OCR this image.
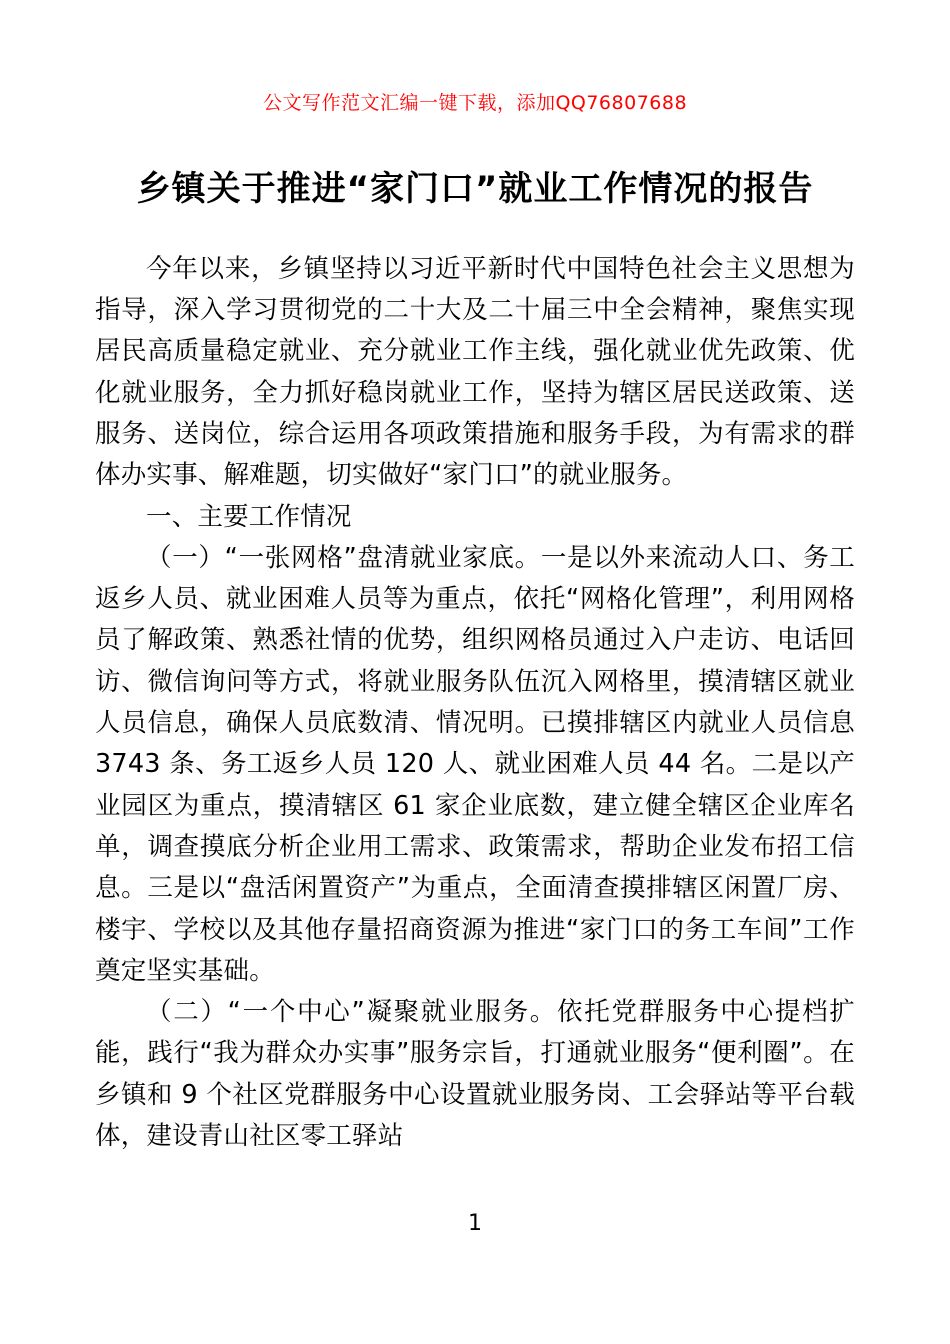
公文写作范文汇编一键下载，添加QQ76807688
乡镇关于推进“家门口”就业工作情况的报告

今年以来，乡镇坚持以习近平新时代中国特色社会主义思想为指导，深入学习贯彻党的二十大及二十届三中全会精神，聚焦实现居民高质量稳定就业、充分就业工作主线，强化就业优先政策、优化就业服务，全力抓好稳岗就业工作，坚持为辖区居民送政策、送服务、送岗位，综合运用各项政策措施和服务手段，为有需求的群体办实事、解难题，切实做好“家门口”的就业服务。

一、主要工作情况

（一）“一张网格”盘清就业家底。一是以外来流动人口、务工返乡人员、就业困难人员等为重点，依托“网格化管理”，利用网格员了解政策、熟悉社情的优势，组织网格员通过入户走访、电话回访、微信询问等方式，将就业服务队伍沉入网格里，摸清辖区就业人员信息，确保人员底数清、情况明。已摸排辖区内就业人员信息 3743 条、务工返乡人员 120 人、就业困难人员 44 名。二是以产业园区为重点，摸清辖区 61 家企业底数，建立健全辖区企业库名单，调查摸底分析企业用工需求、政策需求，帮助企业发布招工信息。三是以“盘活闲置资产”为重点，全面清查摸排辖区闲置厂房、楼宇、学校以及其他存量招商资源为推进“家门口的务工车间”工作奠定坚实基础。

（二）“一个中心”凝聚就业服务。依托党群服务中心提档扩能，践行“我为群众办实事”服务宗旨，打通就业服务“便利圈”。在乡镇和 9 个社区党群服务中心设置就业服务岗、工会驿站等平台载体，建设青山社区零工驿站

1
